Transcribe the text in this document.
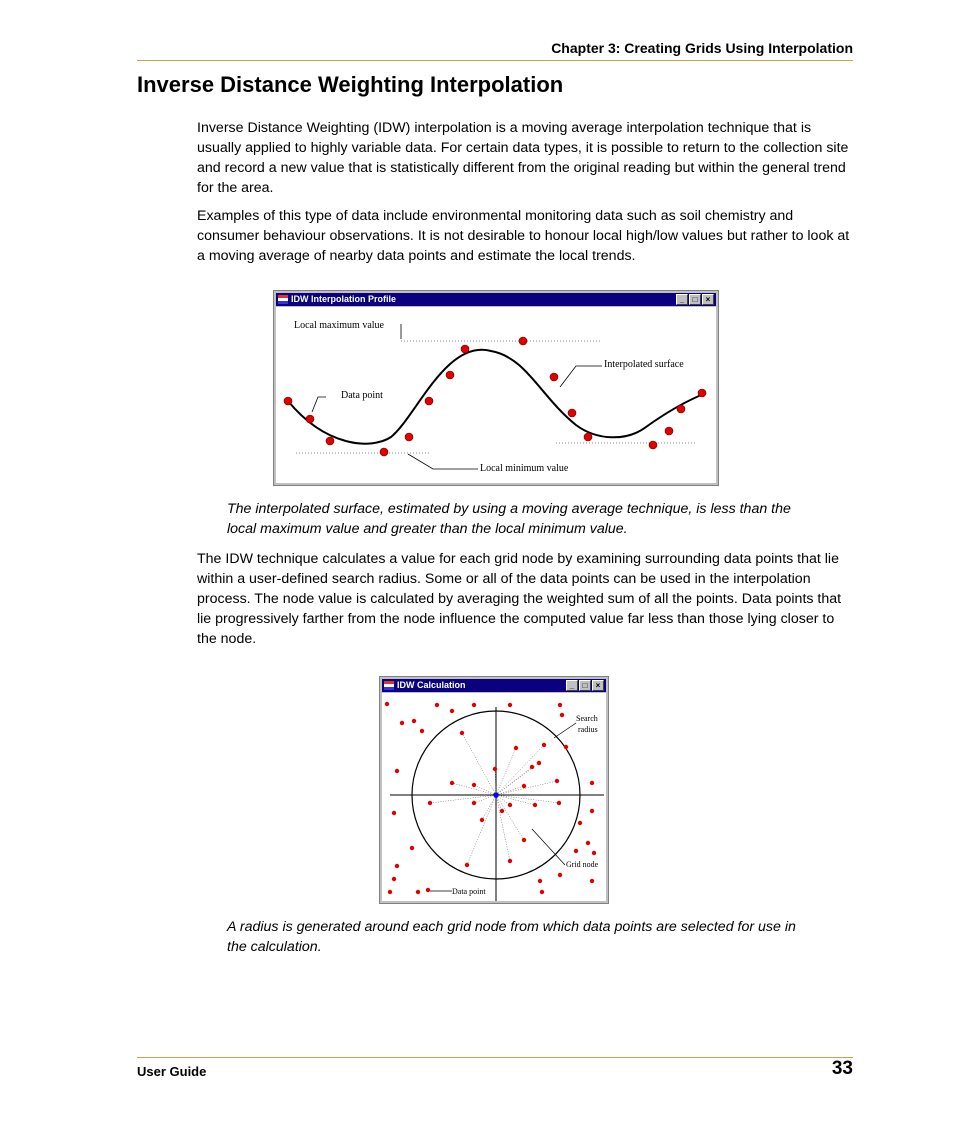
Chapter 3: Creating Grids Using Interpolation
Inverse Distance Weighting Interpolation

Inverse Distance Weighting (IDW) interpolation is a moving average interpolation technique that is usually applied to highly variable data. For certain data types, it is possible to return to the collection site and record a new value that is statistically different from the original reading but within the general trend for the area.

Examples of this type of data include environmental monitoring data such as soil chemistry and consumer behaviour observations. It is not desirable to honour local high/low values but rather to look at a moving average of nearby data points and estimate the local trends.

IDW Interpolation Profile	_	□	×
Local maximum value
Data point
Interpolated surface
Local minimum value

The interpolated surface, estimated by using a moving average technique, is less than the local maximum value and greater than the local minimum value.

The IDW technique calculates a value for each grid node by examining surrounding data points that lie within a user-defined search radius. Some or all of the data points can be used in the interpolation process. The node value is calculated by averaging the weighted sum of all the points. Data points that lie progressively farther from the node influence the computed value far less than those lying closer to the node.

IDW Calculation	_	□	×
Search
radius
Grid node
Data point

A radius is generated around each grid node from which data points are selected for use in the calculation.

User Guide	33
